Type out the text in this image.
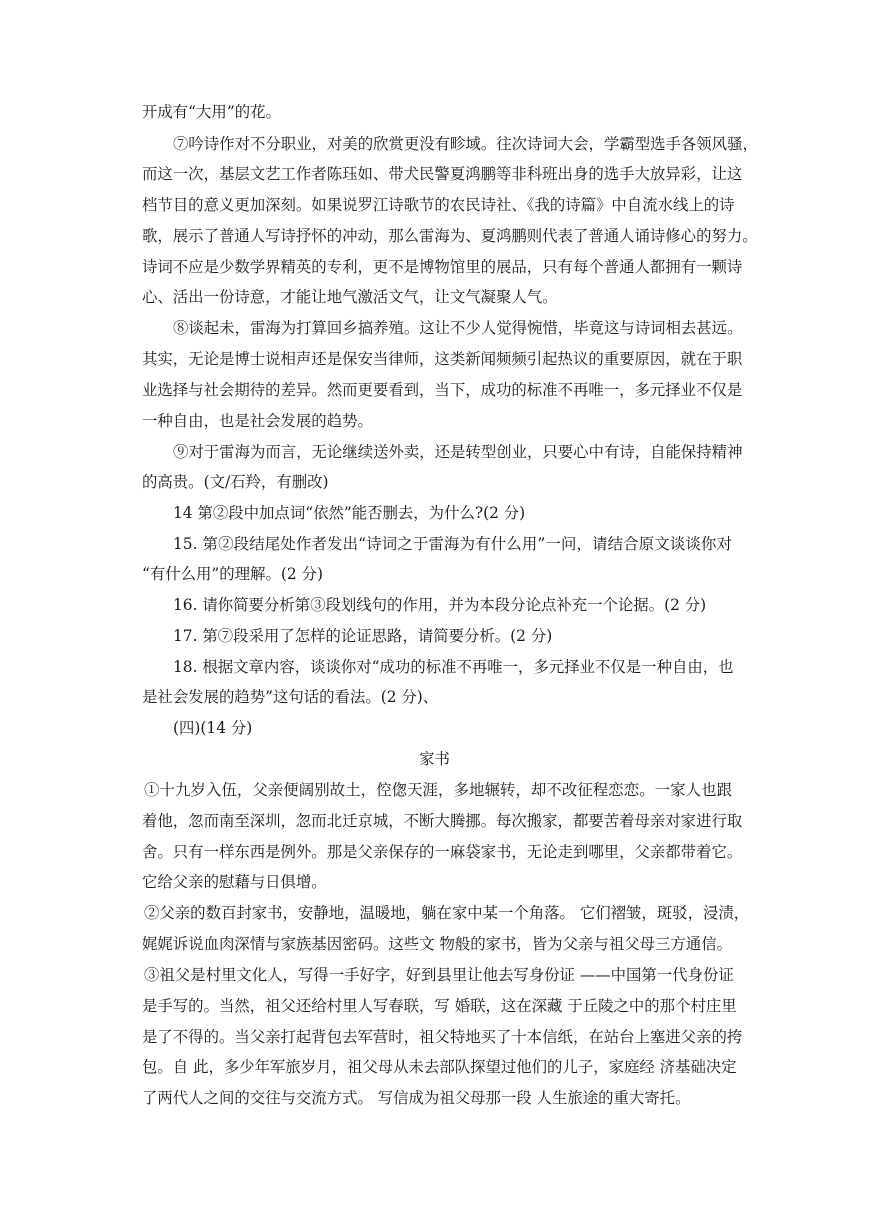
开成有“大用”的花。
⑦吟诗作对不分职业，对美的欣赏更没有畛域。往次诗词大会，学霸型选手各领风骚，
而这一次，基层文艺工作者陈珏如、带犬民警夏鸿鹏等非科班出身的选手大放异彩，让这
档节目的意义更加深刻。如果说罗江诗歌节的农民诗社、《我的诗篇》中自流水线上的诗
歌，展示了普通人写诗抒怀的冲动，那么雷海为、夏鸿鹏则代表了普通人诵诗修心的努力。
诗词不应是少数学界精英的专利，更不是博物馆里的展品，只有每个普通人都拥有一颗诗
心、活出一份诗意，才能让地气激活文气，让文气凝聚人气。
⑧谈起未，雷海为打算回乡搞养殖。这让不少人觉得惋惜，毕竟这与诗词相去甚远。
其实，无论是博士说相声还是保安当律师，这类新闻频频引起热议的重要原因，就在于职
业选择与社会期待的差异。然而更要看到，当下，成功的标准不再唯一，多元择业不仅是
一种自由，也是社会发展的趋势。
⑨对于雷海为而言，无论继续送外卖，还是转型创业，只要心中有诗，自能保持精神
的高贵。(文/石羚，有删改)
14 第②段中加点词“依然”能否删去，为什么?(2 分)
15. 第②段结尾处作者发出“诗词之于雷海为有什么用”一问，请结合原文谈谈你对
“有什么用”的理解。(2 分)
16. 请你简要分析第③段划线句的作用，并为本段分论点补充一个论据。(2 分)
17. 第⑦段采用了怎样的论证思路，请简要分析。(2 分)
18. 根据文章内容，谈谈你对“成功的标准不再唯一，多元择业不仅是一种自由，也
是社会发展的趋势”这句话的看法。(2 分)、
(四)(14 分)
家书
①十九岁入伍，父亲便阔别故土，倥偬天涯，多地辗转，却不改征程恋恋。一家人也跟
着他，忽而南至深圳，忽而北迁京城，不断大腾挪。每次搬家，都要苦着母亲对家进行取
舍。只有一样东西是例外。那是父亲保存的一麻袋家书，无论走到哪里，父亲都带着它。
它给父亲的慰藉与日俱增。
②父亲的数百封家书，安静地，温暖地，躺在家中某一个角落。 它们褶皱，斑驳，浸渍，
娓娓诉说血肉深情与家族基因密码。这些文 物般的家书，皆为父亲与祖父母三方通信。
③祖父是村里文化人，写得一手好字，好到县里让他去写身份证 ——中国第一代身份证
是手写的。当然，祖父还给村里人写春联，写 婚联，这在深藏 于丘陵之中的那个村庄里
是了不得的。当父亲打起背包去军营时，祖父特地买了十本信纸，在站台上塞进父亲的挎
包。自 此，多少年军旅岁月，祖父母从未去部队探望过他们的儿子，家庭经 济基础决定
了两代人之间的交往与交流方式。 写信成为祖父母那一段 人生旅途的重大寄托。
